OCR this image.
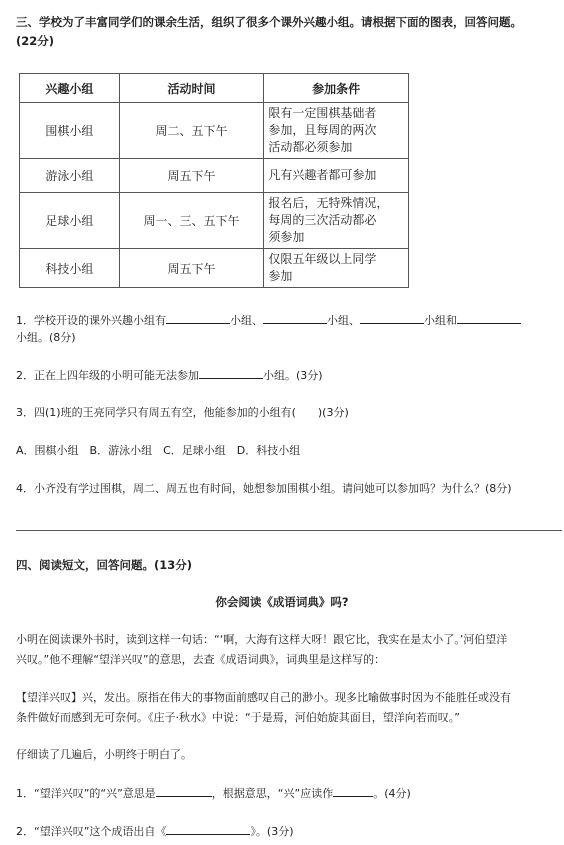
三、学校为了丰富同学们的课余生活，组织了很多个课外兴趣小组。请根据下面的图表，回答问题。
(22分)
兴趣小组	活动时间	参加条件
围棋小组	周二、五下午	限有一定围棋基础者
参加，且每周的两次
活动都必须参加

游泳小组	周五下午	凡有兴趣者都可参加

足球小组	周一、三、五下午	报名后，无特殊情况，
每周的三次活动都必
须参加

科技小组	周五下午	仅限五年级以上同学
参加
1．学校开设的课外兴趣小组有	小组、	小组、	小组和
小组。(8分)
2．正在上四年级的小明可能无法参加	小组。(3分)
3．四(1)班的王亮同学只有周五有空，他能参加的小组有(　　)(3分)
A．围棋小组　B．游泳小组　C．足球小组　D．科技小组
4．小齐没有学过围棋，周二、周五也有时间，她想参加围棋小组。请问她可以参加吗？为什么？(8分)
四、阅读短文，回答问题。(13分)
你会阅读《成语词典》吗?
小明在阅读课外书时，读到这样一句话：“‘啊，大海有这样大呀！跟它比，我实在是太小了。’河伯望洋
兴叹。”他不理解“望洋兴叹”的意思，去查《成语词典》，词典里是这样写的：
【望洋兴叹】兴，发出。原指在伟大的事物面前感叹自己的渺小。现多比喻做事时因为不能胜任或没有
条件做好而感到无可奈何。《庄子·秋水》中说：“于是焉，河伯始旋其面目，望洋向若而叹。”
仔细读了几遍后，小明终于明白了。
1．“望洋兴叹”的“兴”意思是	，根据意思，“兴”应读作	。(4分)
2．“望洋兴叹”这个成语出自《	》。(3分)
